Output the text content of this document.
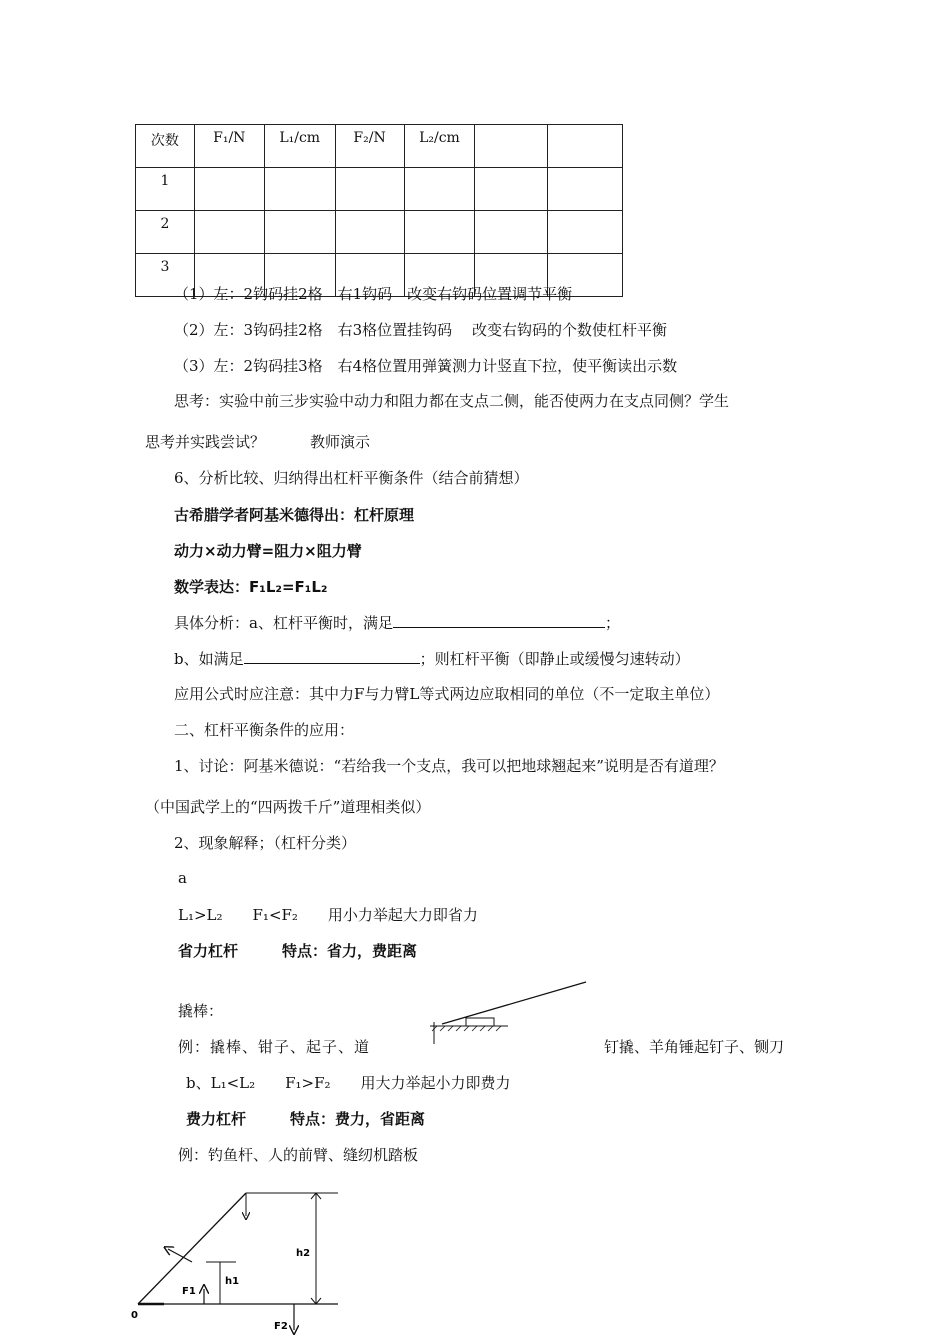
次数	F₁/N	L₁/cm	F₂/N	L₂/cm		
1						
2						
3						
（1）左：2钩码挂2格　右1钩码　改变右钩码位置调节平衡
（2）左：3钩码挂2格　右3格位置挂钩码　 改变右钩码的个数使杠杆平衡
（3）左：2钩码挂3格　右4格位置用弹簧测力计竖直下拉，使平衡读出示数
思考：实验中前三步实验中动力和阻力都在支点二侧，能否使两力在支点同侧？学生
思考并实践尝试？　　　教师演示
6、分析比较、归纳得出杠杆平衡条件（结合前猜想）
古希腊学者阿基米德得出：杠杆原理
动力×动力臂=阻力×阻力臂
数学表达：F₁L₂=F₁L₂
具体分析：a、杠杆平衡时，满足	；
b、如满足	；则杠杆平衡（即静止或缓慢匀速转动）
应用公式时应注意：其中力F与力臂L等式两边应取相同的单位（不一定取主单位）
二、杠杆平衡条件的应用：
1、讨论：阿基米德说：“若给我一个支点，我可以把地球翘起来”说明是否有道理？
（中国武学上的“四两拨千斤”道理相类似）
2、现象解释；（杠杆分类）
a
L₁>L₂　　F₁<F₂　　用小力举起大力即省力
省力杠杆	特点：省力，费距离
撬棒：
例：撬棒、钳子、起子、道	钉撬、羊角锤起钉子、铡刀
b、L₁<L₂　　F₁>F₂　　用大力举起小力即费力
费力杠杆	特点：费力，省距离
例：钓鱼杆、人的前臂、缝纫机踏板
h1
h2
F1
F2
0
